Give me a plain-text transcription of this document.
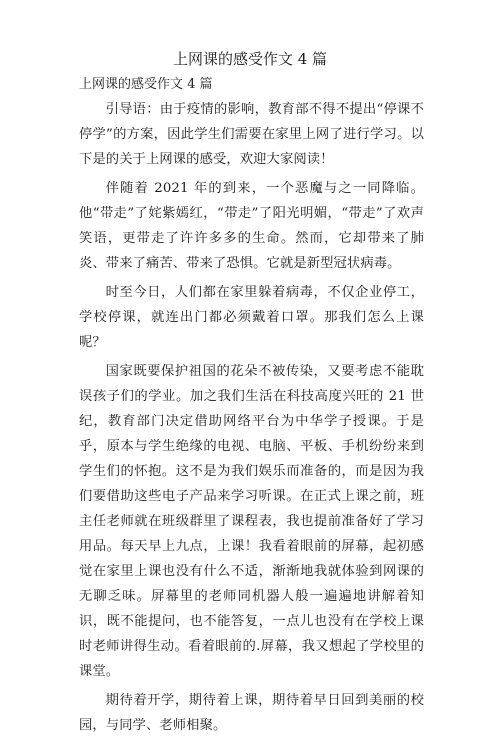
上网课的感受作文 4 篇

上网课的感受作文 4 篇

引导语：由于疫情的影响，教育部不得不提出“停课不停学”的方案，因此学生们需要在家里上网了进行学习。以下是的关于上网课的感受，欢迎大家阅读！

伴随着 2021 年的到来，一个恶魔与之一同降临。他“带走”了姹紫嫣红，“带走”了阳光明媚，“带走”了欢声笑语，更带走了许许多多的生命。然而，它却带来了肺炎、带来了痛苦、带来了恐惧。它就是新型冠状病毒。

时至今日，人们都在家里躲着病毒，不仅企业停工，学校停课，就连出门都必须戴着口罩。那我们怎么上课呢？

国家既要保护祖国的花朵不被传染，又要考虑不能耽误孩子们的学业。加之我们生活在科技高度兴旺的 21 世纪，教育部门决定借助网络平台为中华学子授课。于是乎，原本与学生绝缘的电视、电脑、平板、手机纷纷来到学生们的怀抱。这不是为我们娱乐而准备的，而是因为我们要借助这些电子产品来学习听课。在正式上课之前，班主任老师就在班级群里了课程表，我也提前准备好了学习用品。每天早上九点，上课！我看着眼前的屏幕，起初感觉在家里上课也没有什么不适，渐渐地我就体验到网课的无聊乏味。屏幕里的老师同机器人般一遍遍地讲解着知识，既不能提问，也不能答复，一点儿也没有在学校上课时老师讲得生动。看着眼前的.屏幕，我又想起了学校里的课堂。

期待着开学，期待着上课，期待着早日回到美丽的校园，与同学、老师相聚。
